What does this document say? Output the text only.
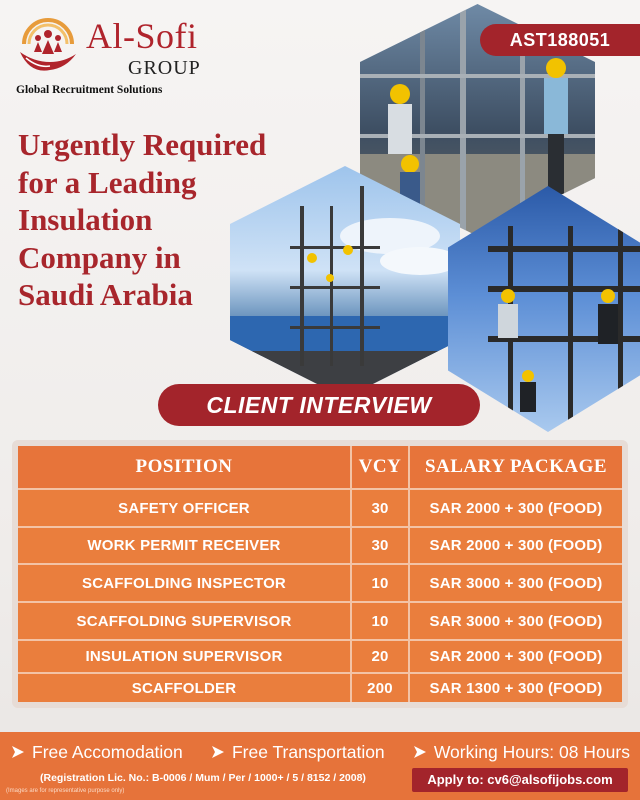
Al-Sofi
GROUP
Global Recruitment Solutions
Urgently Required
for a Leading
Insulation
Company in
Saudi Arabia
AST188051
CLIENT INTERVIEW
POSITION	VCY	SALARY PACKAGE
SAFETY OFFICER	30	SAR 2000 + 300 (FOOD)
WORK PERMIT RECEIVER	30	SAR 2000 + 300 (FOOD)
SCAFFOLDING INSPECTOR	10	SAR 3000 + 300 (FOOD)
SCAFFOLDING SUPERVISOR	10	SAR 3000 + 300 (FOOD)
INSULATION SUPERVISOR	20	SAR 2000 + 300 (FOOD)
SCAFFOLDER	200	SAR 1300 + 300 (FOOD)
Free Accomodation	Free Transportation	Working Hours: 08 Hours
(Registration Lic. No.: B-0006 / Mum / Per / 1000+ / 5 / 8152 / 2008)
(Images are for representative purpose only)
Apply to: cv6@alsofijobs.com
